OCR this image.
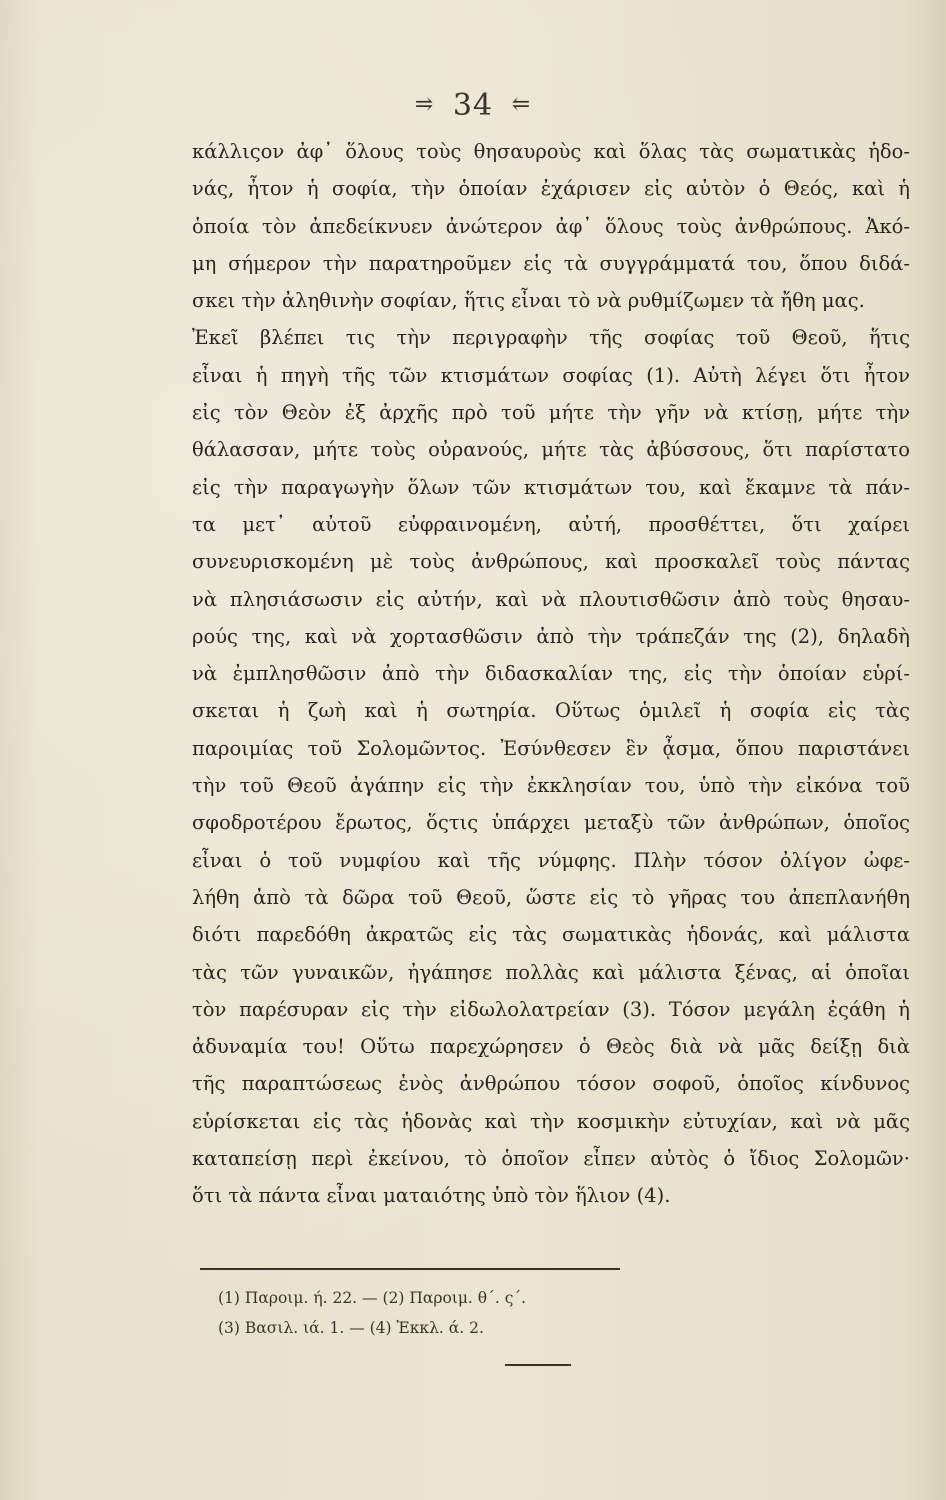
⥤ 34 ⥢
κάλλιςον ἀφ᾽ ὅλους τοὺς θησαυροὺς καὶ ὅλας τὰς σωματικὰς ἡδο-
νάς, ἦτον ἡ σοφία, τὴν ὁποίαν ἐχάρισεν εἰς αὐτὸν ὁ Θεός, καὶ ἡ
ὁποία τὸν ἀπεδείκνυεν ἀνώτερον ἀφ᾽ ὅλους τοὺς ἀνθρώπους. Ἀκό-
μη σήμερον τὴν παρατηροῦμεν εἰς τὰ συγγράμματά του, ὅπου διδά-
σκει τὴν ἀληθινὴν σοφίαν, ἥτις εἶναι τὸ νὰ ρυθμίζωμεν τὰ ἤθη μας.
Ἐκεῖ βλέπει τις τὴν περιγραφὴν τῆς σοφίας τοῦ Θεοῦ, ἥτις
εἶναι ἡ πηγὴ τῆς τῶν κτισμάτων σοφίας (1). Αὐτὴ λέγει ὅτι ἦτον
εἰς τὸν Θεὸν ἐξ ἀρχῆς πρὸ τοῦ μήτε τὴν γῆν νὰ κτίσῃ, μήτε τὴν
θάλασσαν, μήτε τοὺς οὐρανούς, μήτε τὰς ἀβύσσους, ὅτι παρίστατο
εἰς τὴν παραγωγὴν ὅλων τῶν κτισμάτων του, καὶ ἔκαμνε τὰ πάν-
τα μετ᾽ αὐτοῦ εὐφραινομένη, αὐτή, προσθέττει, ὅτι χαίρει
συνευρισκομένη μὲ τοὺς ἀνθρώπους, καὶ προσκαλεῖ τοὺς πάντας
νὰ πλησιάσωσιν εἰς αὐτήν, καὶ νὰ πλουτισθῶσιν ἀπὸ τοὺς θησαυ-
ρούς της, καὶ νὰ χορτασθῶσιν ἀπὸ τὴν τράπεζάν της (2), δηλαδὴ
νὰ ἐμπλησθῶσιν ἀπὸ τὴν διδασκαλίαν της, εἰς τὴν ὁποίαν εὑρί-
σκεται ἡ ζωὴ καὶ ἡ σωτηρία. Οὕτως ὁμιλεῖ ἡ σοφία εἰς τὰς
παροιμίας τοῦ Σολομῶντος. Ἐσύνθεσεν ἓν ᾆσμα, ὅπου παριστάνει
τὴν τοῦ Θεοῦ ἀγάπην εἰς τὴν ἐκκλησίαν του, ὑπὸ τὴν εἰκόνα τοῦ
σφοδροτέρου ἔρωτος, ὅςτις ὑπάρχει μεταξὺ τῶν ἀνθρώπων, ὁποῖος
εἶναι ὁ τοῦ νυμφίου καὶ τῆς νύμφης. Πλὴν τόσον ὀλίγον ὠφε-
λήθη ἀπὸ τὰ δῶρα τοῦ Θεοῦ, ὥστε εἰς τὸ γῆρας του ἀπεπλανήθη
διότι παρεδόθη ἀκρατῶς εἰς τὰς σωματικὰς ἡδονάς, καὶ μάλιστα
τὰς τῶν γυναικῶν, ἠγάπησε πολλὰς καὶ μάλιστα ξένας, αἱ ὁποῖαι
τὸν παρέσυραν εἰς τὴν εἰδωλολατρείαν (3). Τόσον μεγάλη ἐςάθη ἡ
ἀδυναμία του! Οὕτω παρεχώρησεν ὁ Θεὸς διὰ νὰ μᾶς δείξῃ διὰ
τῆς παραπτώσεως ἑνὸς ἀνθρώπου τόσον σοφοῦ, ὁποῖος κίνδυνος
εὑρίσκεται εἰς τὰς ἡδονὰς καὶ τὴν κοσμικὴν εὐτυχίαν, καὶ νὰ μᾶς
καταπείσῃ περὶ ἐκείνου, τὸ ὁποῖον εἶπεν αὐτὸς ὁ ἴδιος Σολομῶν·
ὅτι τὰ πάντα εἶναι ματαιότης ὑπὸ τὸν ἥλιον (4).
(1) Παροιμ. ή. 22. — (2) Παροιμ. θ΄. ς΄.
(3) Βασιλ. ιά. 1. — (4) Ἐκκλ. ά. 2.
